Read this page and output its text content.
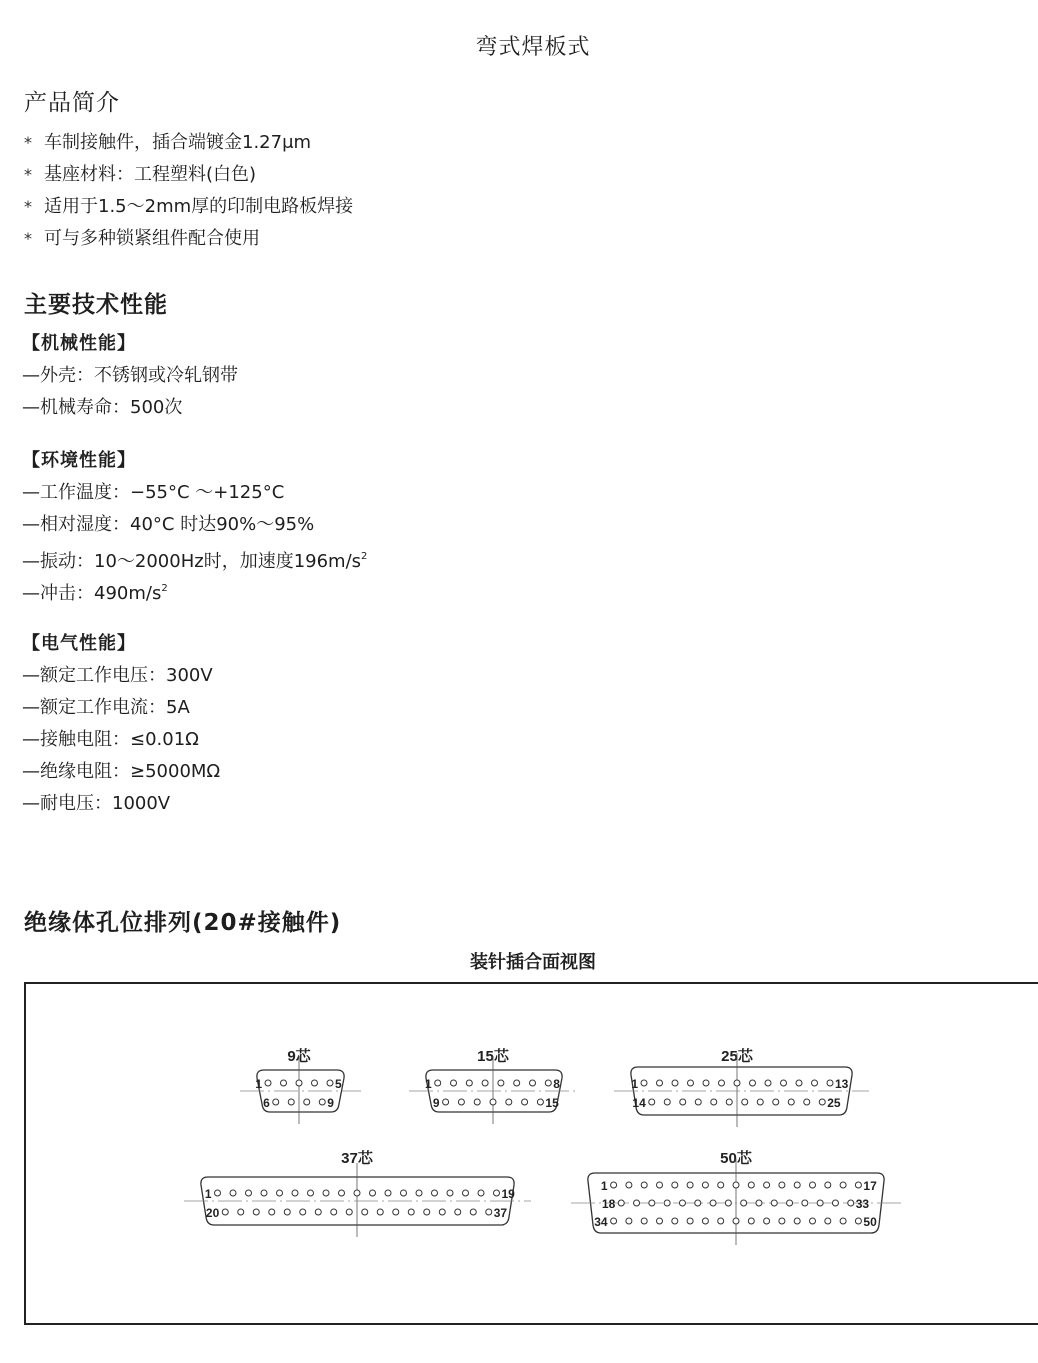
弯式焊板式
产品简介
* 车制接触件，插合端镀金1.27μm
* 基座材料：工程塑料(白色)
* 适用于1.5～2mm厚的印制电路板焊接
* 可与多种锁紧组件配合使用
主要技术性能
【机械性能】
—外壳：不锈钢或冷轧钢带
—机械寿命：500次
【环境性能】
—工作温度：−55°C ～+125°C
—相对湿度：40°C 时达90%～95%
—振动：10～2000Hz时，加速度$196m/s^2$
—冲击：$490m/s^2$
【电气性能】
—额定工作电压：300V
—额定工作电流：5A
—接触电阻：≤0.01Ω
—绝缘电阻：≥5000MΩ
—耐电压：1000V
绝缘体孔位排列(20#接触件)
装针插合面视图
9芯
1	5
6	9
15芯
1	8
9	15
25芯
1	13
14	25
37芯
1	19
20	37
50芯
1	17
18	33
34	50
